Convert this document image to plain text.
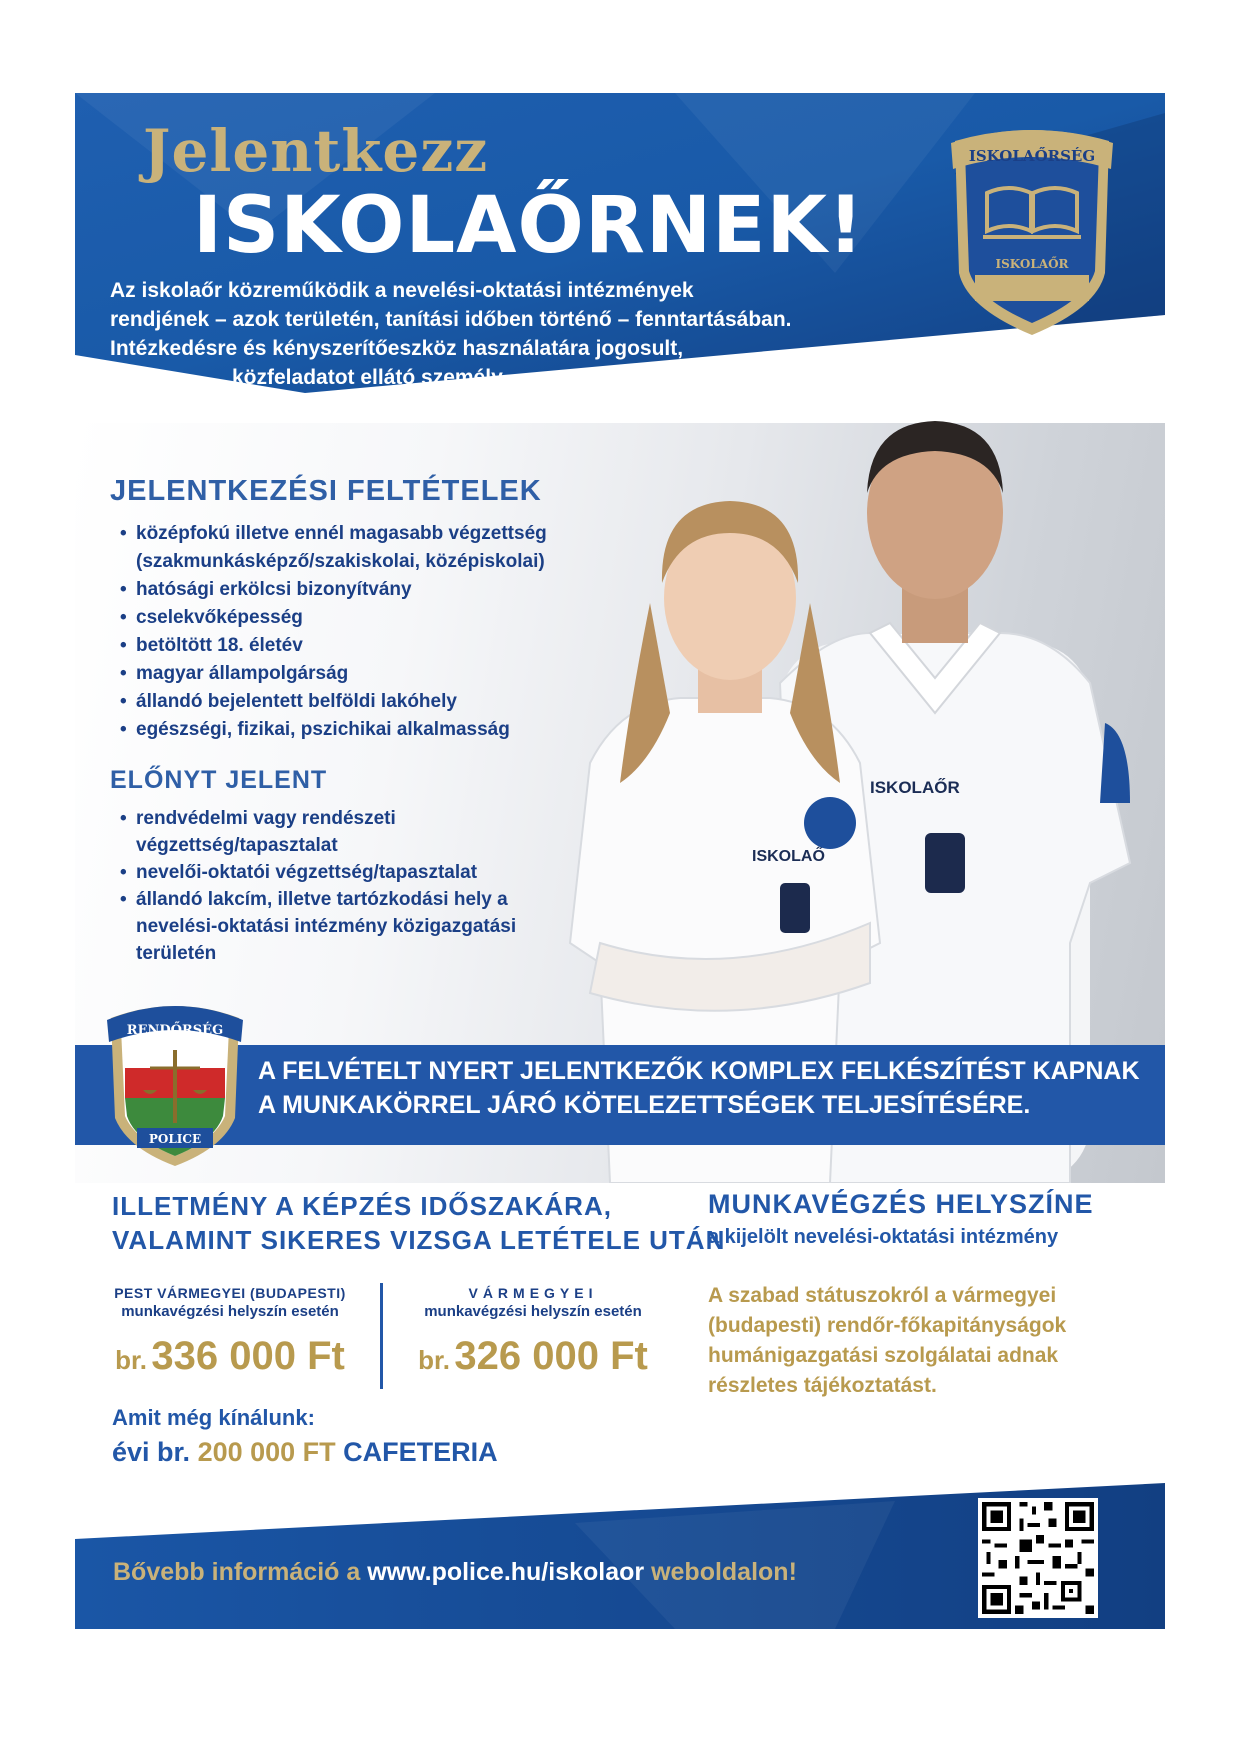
Jelentkezz
ISKOLAŐRNEK!
Az iskolaőr közreműködik a nevelési-oktatási intézmények
rendjének – azok területén, tanítási időben történő – fenntartásában.
Intézkedésre és kényszerítőeszköz használatára jogosult,
közfeladatot ellátó személy.
ISKOLAŐRSÉG
ISKOLAŐR
JELENTKEZÉSI FELTÉTELEK
• középfokú illetve ennél magasabb végzettség
(szakmunkásképző/szakiskolai, középiskolai)
• hatósági erkölcsi bizonyítvány
• cselekvőképesség
• betöltött 18. életév
• magyar állampolgárság
• állandó bejelentett belföldi lakóhely
• egészségi, fizikai, pszichikai alkalmasság
ELŐNYT JELENT
• rendvédelmi vagy rendészeti végzettség/tapasztalat
• nevelői-oktatói végzettség/tapasztalat
• állandó lakcím, illetve tartózkodási hely a nevelési-oktatási intézmény közigazgatási területén
ISKOLAŐR
ISKOLAŐ
A FELVÉTELT NYERT JELENTKEZŐK KOMPLEX FELKÉSZÍTÉST KAPNAK
A MUNKAKÖRREL JÁRÓ KÖTELEZETTSÉGEK TELJESÍTÉSÉRE.
RENDŐRSÉG
POLICE
ILLETMÉNY A KÉPZÉS IDŐSZAKÁRA,
VALAMINT SIKERES VIZSGA LETÉTELE UTÁN
PEST VÁRMEGYEI (BUDAPESTI)
munkavégzési helyszín esetén
br. 336 000 Ft
VÁRMEGYEI
munkavégzési helyszín esetén
br. 326 000 Ft
Amit még kínálunk:
évi br. 200 000 FT CAFETERIA
MUNKAVÉGZÉS HELYSZÍNE
a kijelölt nevelési-oktatási intézmény
A szabad státuszokról a vármegyei
(budapesti) rendőr-főkapitányságok
humánigazgatási szolgálatai adnak
részletes tájékoztatást.
Bővebb információ a www.police.hu/iskolaor weboldalon!
